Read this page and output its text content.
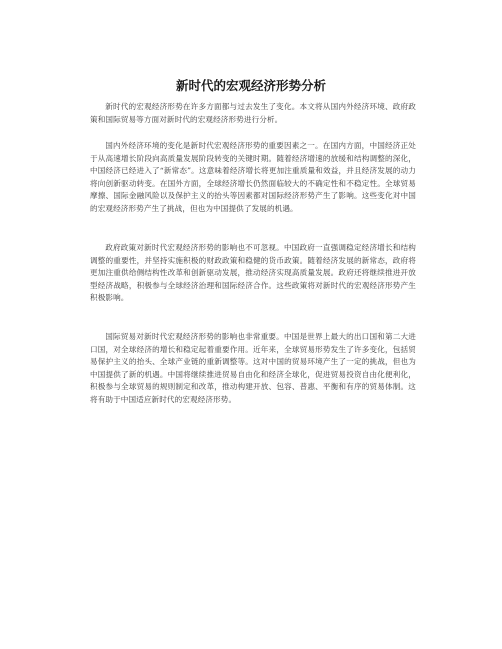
新时代的宏观经济形势分析

新时代的宏观经济形势在许多方面都与过去发生了变化。本文将从国内外经济环境、政府政策和国际贸易等方面对新时代的宏观经济形势进行分析。

国内外经济环境的变化是新时代宏观经济形势的重要因素之一。在国内方面，中国经济正处于从高速增长阶段向高质量发展阶段转变的关键时期。随着经济增速的放缓和结构调整的深化，中国经济已经进入了“新常态”。这意味着经济增长将更加注重质量和效益，并且经济发展的动力将向创新驱动转变。在国外方面，全球经济增长仍然面临较大的不确定性和不稳定性。全球贸易摩擦、国际金融风险以及保护主义的抬头等因素都对国际经济形势产生了影响。这些变化对中国的宏观经济形势产生了挑战，但也为中国提供了发展的机遇。

政府政策对新时代宏观经济形势的影响也不可忽视。中国政府一直强调稳定经济增长和结构调整的重要性，并坚持实施积极的财政政策和稳健的货币政策。随着经济发展的新常态，政府将更加注重供给侧结构性改革和创新驱动发展，推动经济实现高质量发展。政府还将继续推进开放型经济战略，积极参与全球经济治理和国际经济合作。这些政策将对新时代的宏观经济形势产生积极影响。

国际贸易对新时代宏观经济形势的影响也非常重要。中国是世界上最大的出口国和第二大进口国，对全球经济的增长和稳定起着重要作用。近年来，全球贸易形势发生了许多变化，包括贸易保护主义的抬头、全球产业链的重新调整等。这对中国的贸易环境产生了一定的挑战，但也为中国提供了新的机遇。中国将继续推进贸易自由化和经济全球化，促进贸易投资自由化便利化，积极参与全球贸易的规则制定和改革，推动构建开放、包容、普惠、平衡和有序的贸易体制。这将有助于中国适应新时代的宏观经济形势。
